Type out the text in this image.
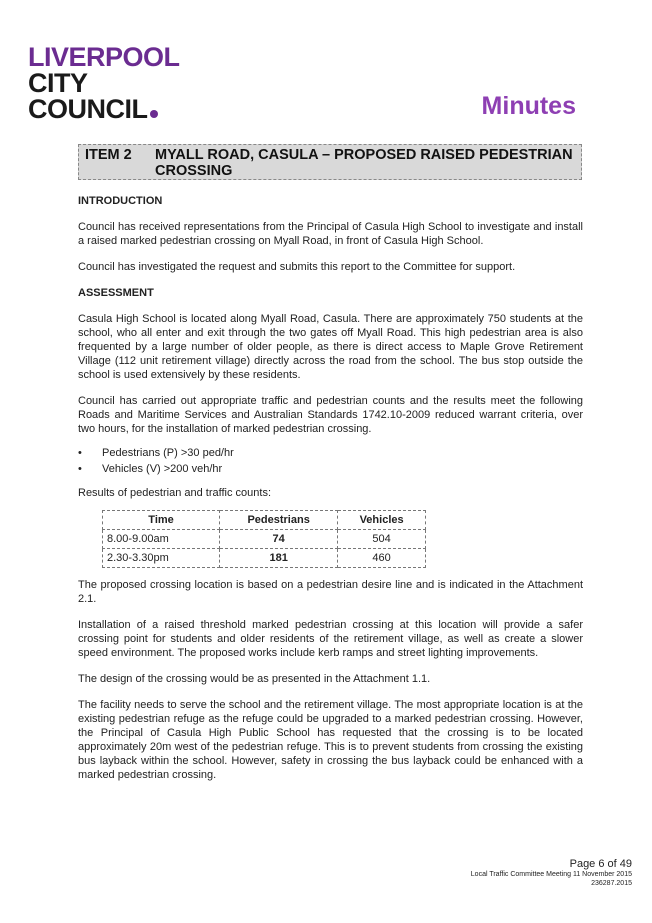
LIVERPOOL
CITY
COUNCIL	Minutes
ITEM 2 MYALL ROAD, CASULA – PROPOSED RAISED PEDESTRIAN CROSSING

INTRODUCTION

Council has received representations from the Principal of Casula High School to investigate and install a raised marked pedestrian crossing on Myall Road, in front of Casula High School.

Council has investigated the request and submits this report to the Committee for support.

ASSESSMENT

Casula High School is located along Myall Road, Casula. There are approximately 750 students at the school, who all enter and exit through the two gates off Myall Road. This high pedestrian area is also frequented by a large number of older people, as there is direct access to Maple Grove Retirement Village (112 unit retirement village) directly across the road from the school. The bus stop outside the school is used extensively by these residents.

Council has carried out appropriate traffic and pedestrian counts and the results meet the following Roads and Maritime Services and Australian Standards 1742.10-2009 reduced warrant criteria, over two hours, for the installation of marked pedestrian crossing.

• Pedestrians (P) >30 ped/hr
• Vehicles (V) >200 veh/hr

Results of pedestrian and traffic counts:

Time	Pedestrians	Vehicles
8.00-9.00am	74	504
2.30-3.30pm	181	460

The proposed crossing location is based on a pedestrian desire line and is indicated in the Attachment 2.1.

Installation of a raised threshold marked pedestrian crossing at this location will provide a safer crossing point for students and older residents of the retirement village, as well as create a slower speed environment. The proposed works include kerb ramps and street lighting improvements.

The design of the crossing would be as presented in the Attachment 1.1.

The facility needs to serve the school and the retirement village. The most appropriate location is at the existing pedestrian refuge as the refuge could be upgraded to a marked pedestrian crossing. However, the Principal of Casula High Public School has requested that the crossing is to be located approximately 20m west of the pedestrian refuge. This is to prevent students from crossing the existing bus layback within the school. However, safety in crossing the bus layback could be enhanced with a marked pedestrian crossing.

Page 6 of 49
Local Traffic Committee Meeting 11 November 2015
236287.2015
